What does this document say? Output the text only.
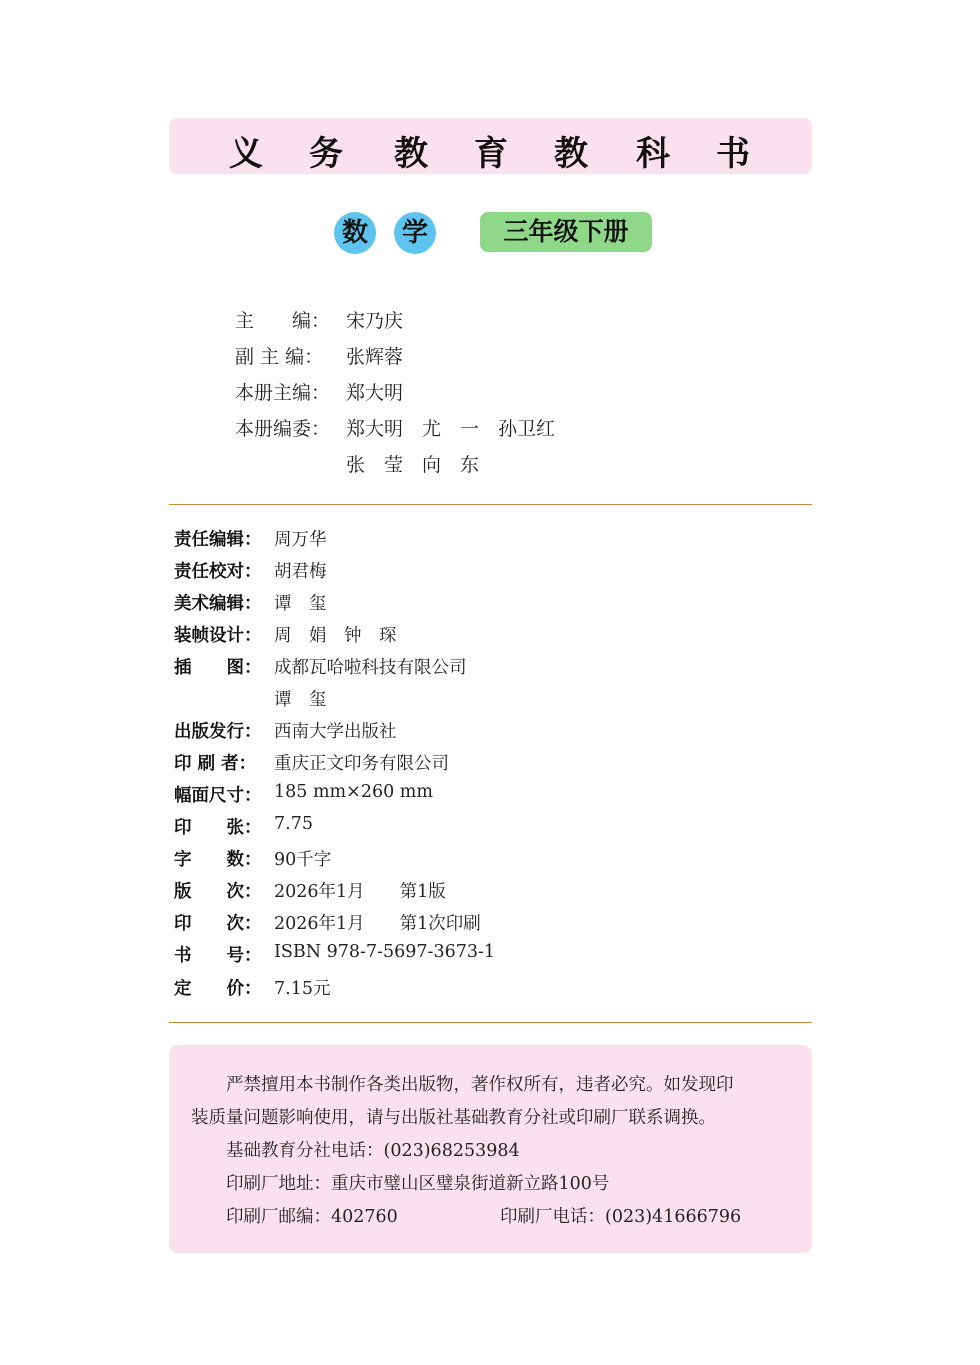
义 务 教 育 教 科 书
数	学	三年级下册
主　　编： 宋乃庆
副 主 编： 张辉蓉
本册主编： 郑大明
本册编委： 郑大明　尤　一　孙卫红
张　莹　向　东
责任编辑： 周万华
责任校对： 胡君梅
美术编辑： 谭　玺
装帧设计： 周　娟　钟　琛
插　　图： 成都瓦哈啦科技有限公司
谭　玺
出版发行： 西南大学出版社
印 刷 者： 重庆正文印务有限公司
幅面尺寸： 185 mm×260 mm
印　　张： 7.75
字　　数： 90千字
版　　次： 2026年1月　　第1版
印　　次： 2026年1月　　第1次印刷
书　　号： ISBN 978-7-5697-3673-1
定　　价： 7.15元
　　严禁擅用本书制作各类出版物，著作权所有，违者必究。如发现印
装质量问题影响使用，请与出版社基础教育分社或印刷厂联系调换。
　　基础教育分社电话：(023)68253984
　　印刷厂地址：重庆市璧山区璧泉街道新立路100号
　　印刷厂邮编：402760	印刷厂电话：(023)41666796
